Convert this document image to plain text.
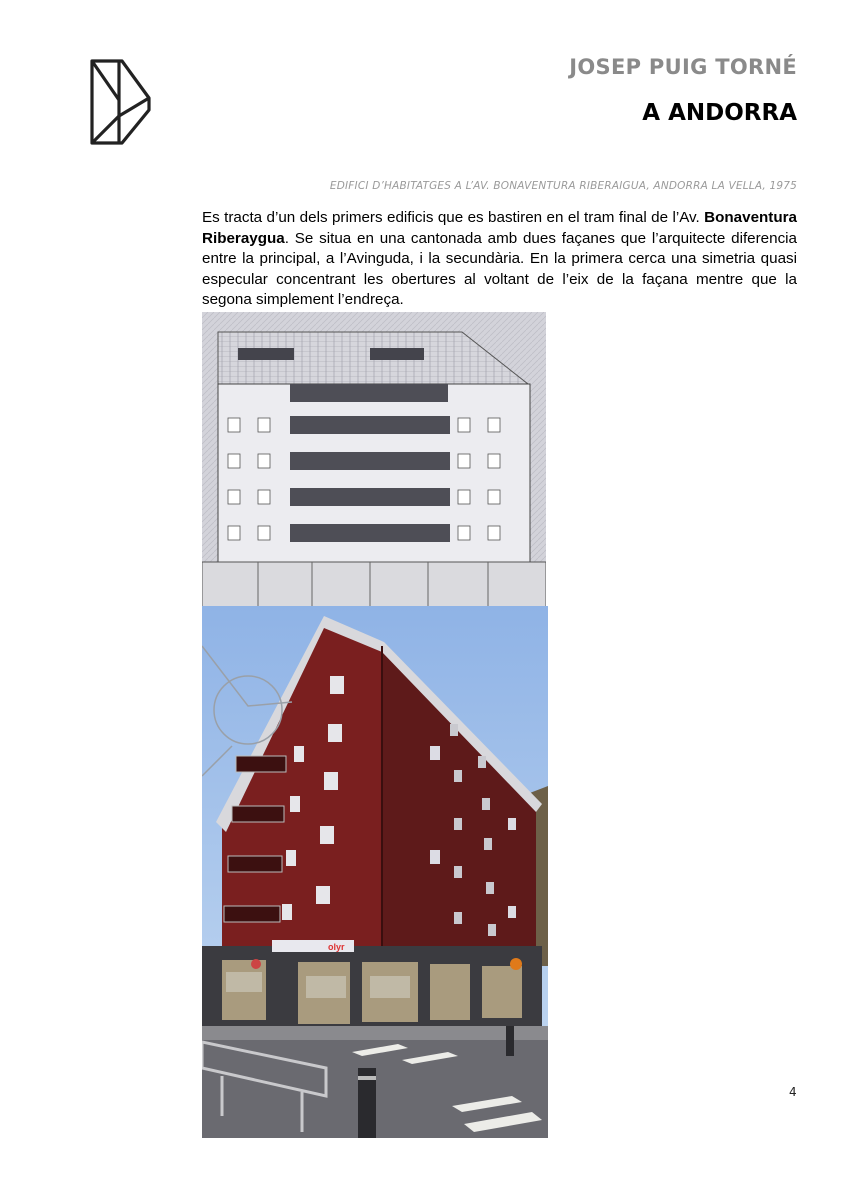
JOSEP PUIG TORNÉ
A ANDORRA
EDIFICI D’HABITATGES A L’AV. BONAVENTURA RIBERAIGUA, ANDORRA LA VELLA, 1975
Es tracta d’un dels primers edificis que es bastiren en el tram final de l’Av. Bonaventura Riberaygua. Se situa en una cantonada amb dues façanes que l’arquitecte diferencia entre la principal, a l’Avinguda, i la secundària. En la primera cerca una simetria quasi especular concentrant les obertures al voltant de l’eix de la façana mentre que la segona simplement l’endreça.
olyr
4
